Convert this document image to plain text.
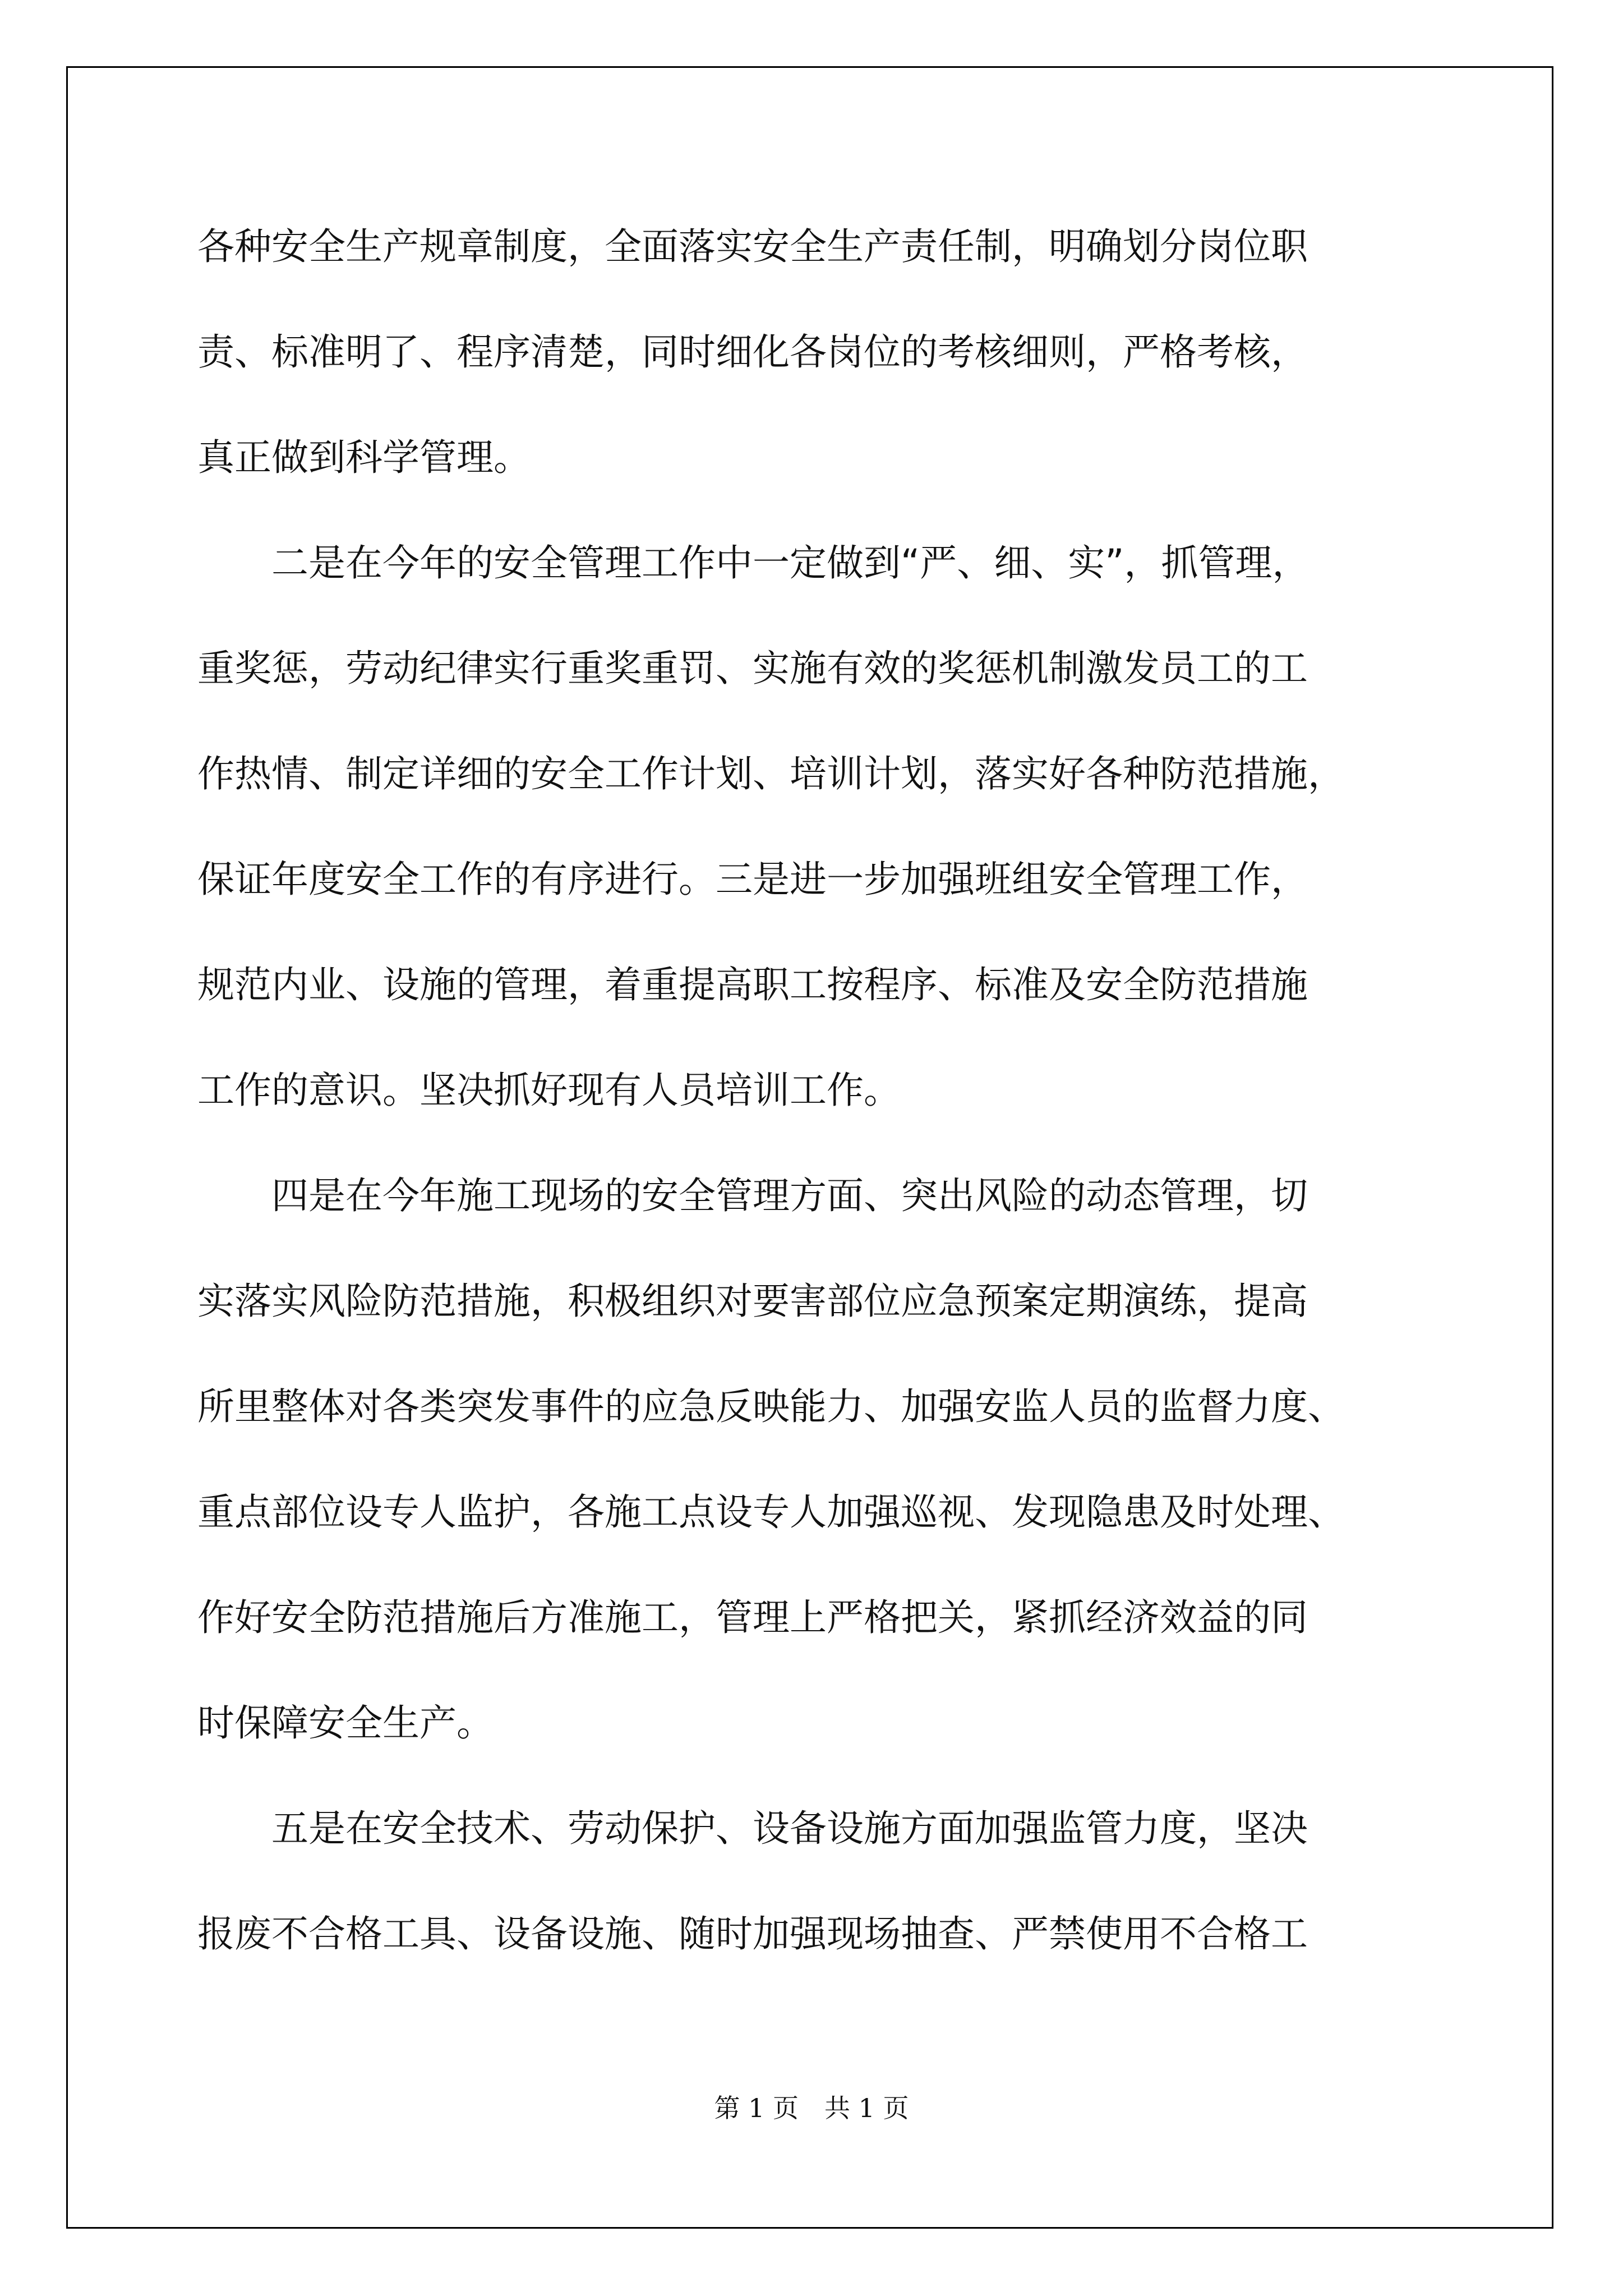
各种安全生产规章制度，全面落实安全生产责任制，明确划分岗位职

责、标准明了、程序清楚，同时细化各岗位的考核细则，严格考核，

真正做到科学管理。

　　二是在今年的安全管理工作中一定做到“严、细、实”，抓管理，

重奖惩，劳动纪律实行重奖重罚、实施有效的奖惩机制激发员工的工

作热情、制定详细的安全工作计划、培训计划，落实好各种防范措施，

保证年度安全工作的有序进行。三是进一步加强班组安全管理工作，

规范内业、设施的管理，着重提高职工按程序、标准及安全防范措施

工作的意识。坚决抓好现有人员培训工作。

　　四是在今年施工现场的安全管理方面、突出风险的动态管理，切

实落实风险防范措施，积极组织对要害部位应急预案定期演练，提高

所里整体对各类突发事件的应急反映能力、加强安监人员的监督力度、

重点部位设专人监护，各施工点设专人加强巡视、发现隐患及时处理、

作好安全防范措施后方准施工，管理上严格把关，紧抓经济效益的同

时保障安全生产。

　　五是在安全技术、劳动保护、设备设施方面加强监管力度，坚决

报废不合格工具、设备设施、随时加强现场抽查、严禁使用不合格工

第 1 页　共 1 页
